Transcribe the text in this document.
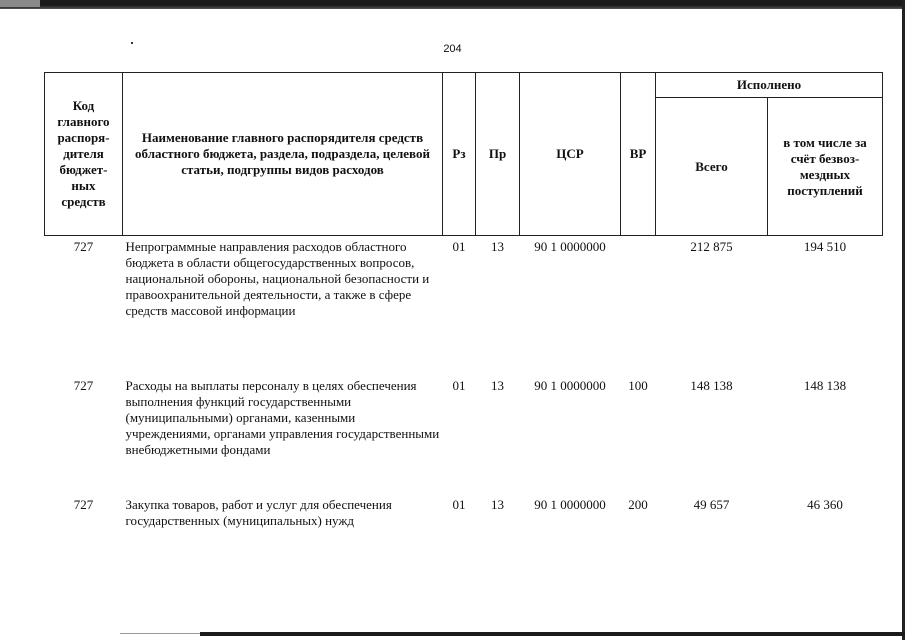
204
Код главного распоря-дителя бюджет-ных средств	Наименование главного распорядителя средств областного бюджета, раздела, подраздела, целевой статьи, подгруппы видов расходов	Рз	Пр	ЦСР	ВР	Исполнено	
						Всего	в том числе за счёт безвоз-мездных поступлений
727	Непрограммные направления расходов областного бюджета в области общегосударственных вопросов, национальной обороны, национальной безопасности и правоохранительной деятельности, а также в сфере средств массовой информации	01	13	90 1 0000000		212 875	194 510
727	Расходы на выплаты персоналу в целях обеспечения выполнения функций государственными (муниципальными) органами, казенными учреждениями, органами управления государственными внебюджетными фондами	01	13	90 1 0000000	100	148 138	148 138
727	Закупка товаров, работ и услуг для обеспечения государственных (муниципальных) нужд	01	13	90 1 0000000	200	49 657	46 360
